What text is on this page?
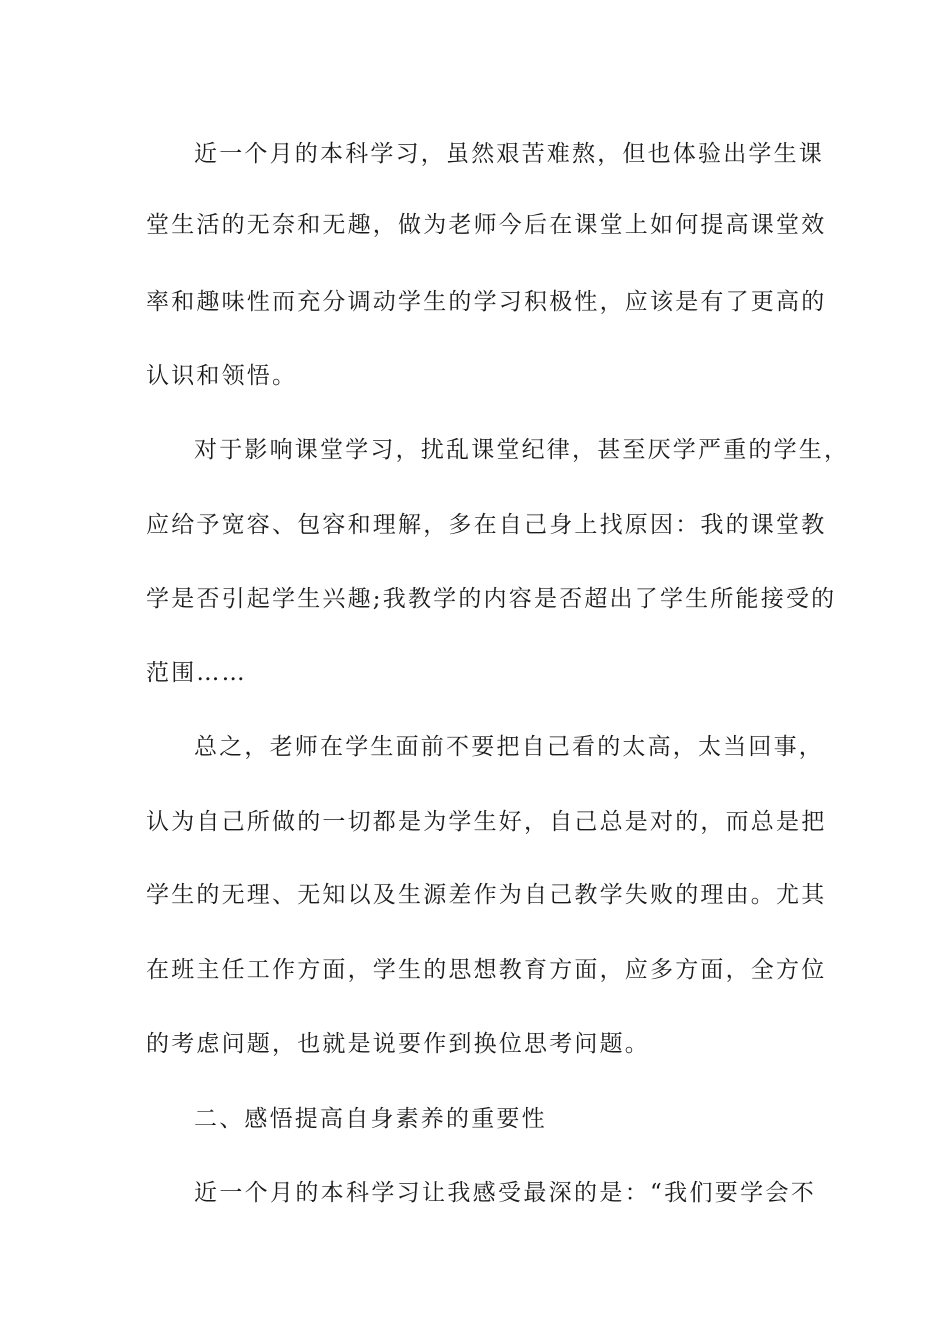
近一个月的本科学习，虽然艰苦难熬，但也体验出学生课
堂生活的无奈和无趣，做为老师今后在课堂上如何提高课堂效
率和趣味性而充分调动学生的学习积极性，应该是有了更高的
认识和领悟。
对于影响课堂学习，扰乱课堂纪律，甚至厌学严重的学生，
应给予宽容、包容和理解，多在自己身上找原因：我的课堂教
学是否引起学生兴趣;我教学的内容是否超出了学生所能接受的
范围……
总之，老师在学生面前不要把自己看的太高，太当回事，
认为自己所做的一切都是为学生好，自己总是对的，而总是把
学生的无理、无知以及生源差作为自己教学失败的理由。尤其
在班主任工作方面，学生的思想教育方面，应多方面，全方位
的考虑问题，也就是说要作到换位思考问题。
二、感悟提高自身素养的重要性
近一个月的本科学习让我感受最深的是：“我们要学会不
